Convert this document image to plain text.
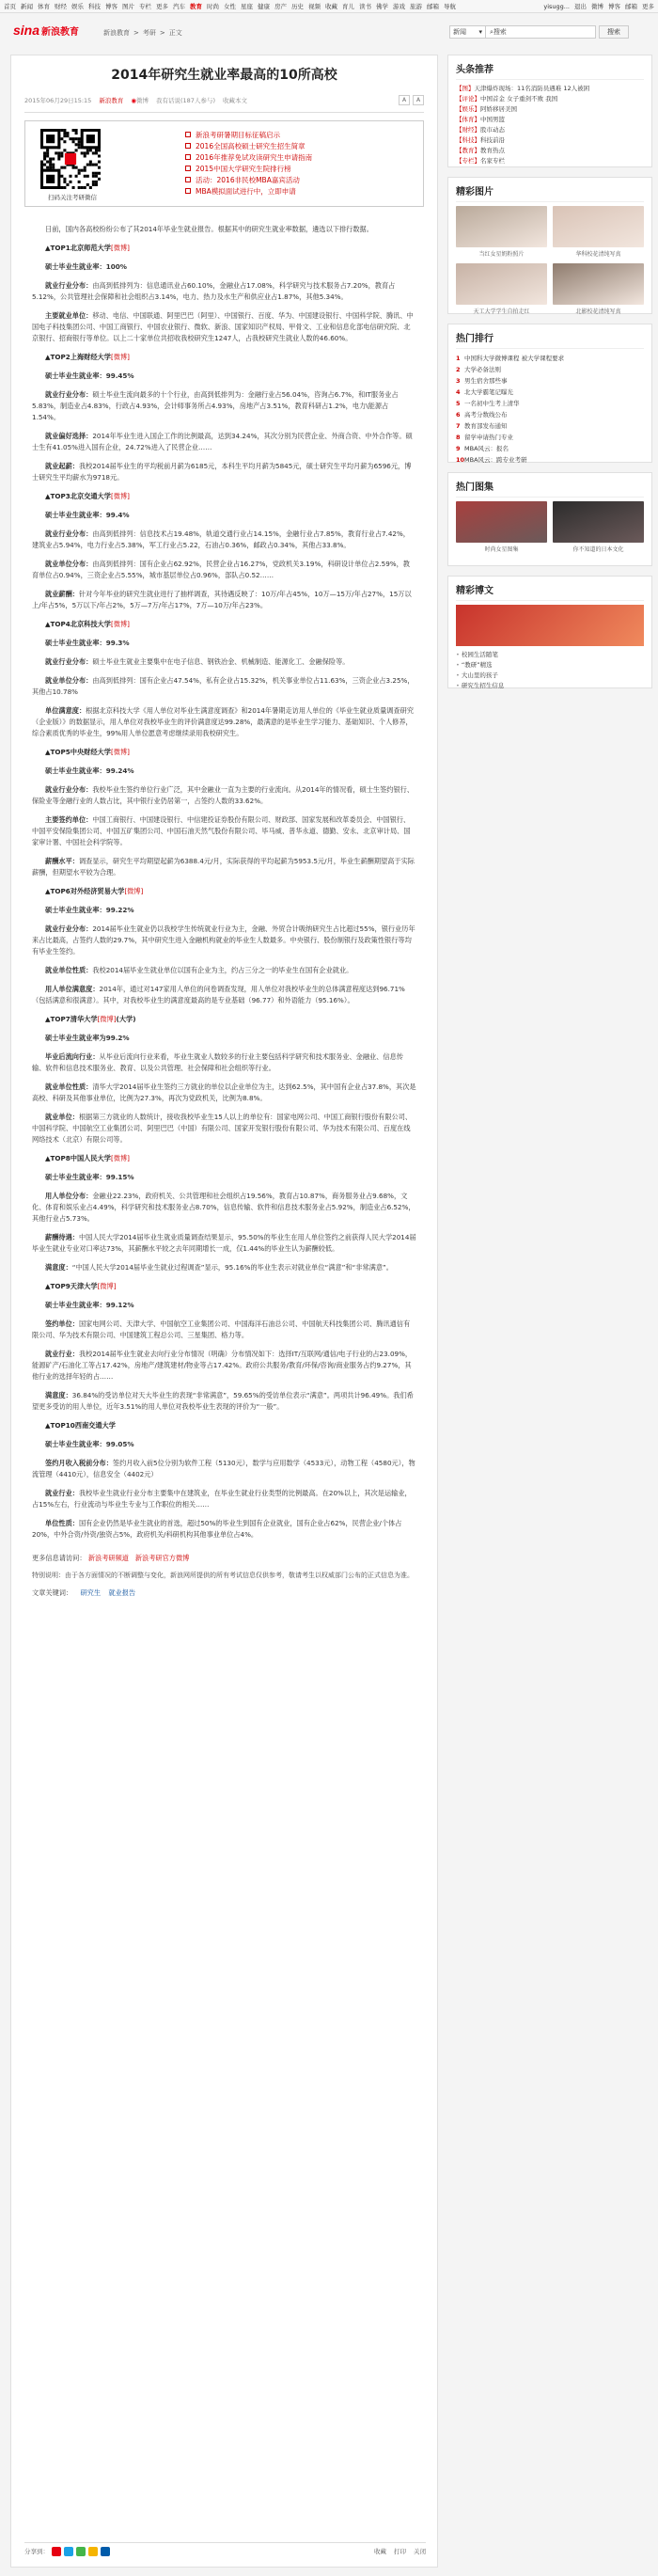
首页 新闻 体育 财经 娱乐 科技 博客 图片 专栏 更多 汽车 教育 时尚 女性 星座 健康 房产 历史 视频 收藏 育儿 读书 佛学 游戏 旅游 邮箱 导航	yisugg... 退出 微博 博客 邮箱 更多
sina 新浪教育	新浪教育 > 考研 > 正文	新闻 ▾ ⌕ 搜索	搜索
2014年研究生就业率最高的10所高校
2015年06月29日15:15 新浪教育 ◉微博 我有话说(187人参与) 收藏本文	A	A
扫码关注考研微信
新浪考研暑期目标征稿启示
2016全国高校硕士研究生招生简章
2016年推荐免试攻读研究生申请指南
2015中国大学研究生院排行榜
活动：2016非民校MBA嘉宾活动
MBA模拟面试进行中，立即申请

日前，国内各高校纷纷公布了其2014年毕业生就业报告。根据其中的研究生就业率数据，遴选以下排行数据。

▲TOP1北京师范大学[微博]

硕士毕业生就业率：100%

就业行业分布：由高到低排列为：信息通讯业占60.10%，金融业占17.08%，科学研究与技术服务占7.20%，教育占5.12%，公共管理社会保障和社会组织占3.14%，电力、热力及水生产和供应业占1.87%，其他5.34%。

主要就业单位：移动、电信、中国联通、阿里巴巴（阿里）、中国银行、百度、华为、中国建设银行、中国科学院、腾讯、中国电子科技集团公司、中国工商银行、中国农业银行、微软、新浪、国家知识产权局、甲骨文、工业和信息化部电信研究院、北京银行、招商银行等单位。以上二十家单位共招收我校研究生1247人，占我校研究生就业人数的46.60%。

▲TOP2上海财经大学[微博]

硕士毕业生就业率：99.45%

就业行业分布：硕士毕业生流向最多的十个行业，由高到低排列为：金融行业占56.04%，咨询占6.7%，和IT服务业占5.83%，制造业占4.83%，行政占4.93%，会计师事务所占4.93%，房地产占3.51%，教育科研占1.2%，电力\能源占1.54%。

就业偏好选择：2014年毕业生进入国企工作的比例最高，达到34.24%，其次分别为民营企业、外商合资、中外合作等。硕士生有41.05%进入国有企业，24.72%进入了民营企业……

就业起薪：我校2014届毕业生的平均税前月薪为6185元，本科生平均月薪为5845元，硕士研究生平均月薪为6596元，博士研究生平均薪水为9718元。

▲TOP3北京交通大学[微博]

硕士毕业生就业率：99.4%

就业行业分布：由高到低排列：信息技术占19.48%，轨道交通行业占14.15%，金融行业占7.85%，教育行业占7.42%，建筑业占5.94%，电力行业占5.38%，军工行业占5.22，石油占0.36%，邮政占0.34%，其他占33.8%。

就业单位分布：由高到低排列：国有企业占62.92%，民营企业占16.27%，党政机关3.19%，科研设计单位占2.59%，教育单位占0.94%，三资企业占5.55%，城市基层单位占0.96%，部队占0.52……

就业薪酬：针对今年毕业的研究生就业进行了抽样调查，其待遇反映了：10万/年占45%，10万—15万/年占27%，15万以上/年占5%，5万以下/年占2%，5万—7万/年占17%，7万—10万/年占23%。

▲TOP4北京科技大学[微博]

硕士毕业生就业率：99.3%

就业行业分布：硕士毕业生就业主要集中在电子信息、钢铁冶金、机械制造、能源化工、金融保险等。

就业单位分布：由高到低排列：国有企业占47.54%，私有企业占15.32%，机关事业单位占11.63%，三资企业占3.25%，其他占10.78%

单位满意度：根据北京科技大学《用人单位对毕业生满意度调查》和2014年暑期走访用人单位的《毕业生就业质量调查研究（企业版）》的数据显示，用人单位对我校毕业生的评价满意度达99.28%，最满意的是毕业生学习能力、基础知识、个人修养，综合素质优秀的毕业生，99%用人单位愿意考虑继续录用我校研究生。

▲TOP5中央财经大学[微博]

硕士毕业生就业率：99.24%

就业行业分布：我校毕业生签约单位行业广泛，其中金融业一直为主要的行业流向。从2014年的情况看，硕士生签约银行、保险业等金融行业的人数占比，其中银行业仍居第一，占签约人数的33.62%。

主要签约单位：中国工商银行、中国建设银行、中信建投证券股份有限公司、财政部、国家发展和改革委员会、中国银行、中国平安保险集团公司、中国五矿集团公司、中国石油天然气股份有限公司、毕马威、普华永道、德勤、安永、北京审计局、国家审计署、中国社会科学院等。

薪酬水平：调查显示，研究生平均期望起薪为6388.4元/月，实际获得的平均起薪为5953.5元/月，毕业生薪酬期望高于实际薪酬，但期望水平较为合理。

▲TOP6对外经济贸易大学[微博]

硕士毕业生就业率：99.22%

就业行业分布：2014届毕业生就业仍以我校学生传统就业行业为主，金融、外贸合计吸纳研究生占比超过55%，银行业历年来占比最高，占签约人数的29.7%，其中研究生进入金融机构就业的毕业生人数最多。中央银行、股份制银行及政策性银行等均有毕业生签约。

就业单位性质：我校2014届毕业生就业单位以国有企业为主，约占三分之一的毕业生在国有企业就业。

用人单位满意度：2014年，通过对147家用人单位的问卷调查发现，用人单位对我校毕业生的总体满意程度达到96.71%（包括满意和很满意）。其中，对我校毕业生的满意度最高的是专业基础（96.77）和外语能力（95.16%）。

▲TOP7清华大学[微博](大学)

硕士毕业生就业率为99.2%

毕业后流向行业：从毕业后流向行业来看，毕业生就业人数较多的行业主要包括科学研究和技术服务业、金融业、信息传输、软件和信息技术服务业、教育、以及公共管理、社会保障和社会组织等行业。

就业单位性质：清华大学2014届毕业生签约三方就业的单位以企业单位为主，达到62.5%，其中国有企业占37.8%，其次是高校、科研及其他事业单位，比例为27.3%，再次为党政机关，比例为8.8%。

就业单位：根据第三方就业的人数统计，接收我校毕业生15人以上的单位有：国家电网公司、中国工商银行股份有限公司、中国科学院、中国航空工业集团公司、阿里巴巴（中国）有限公司、国家开发银行股份有限公司、华为技术有限公司、百度在线网络技术（北京）有限公司等。

▲TOP8中国人民大学[微博]

硕士毕业生就业率：99.15%

用人单位分布：金融业22.23%，政府机关、公共管理和社会组织占19.56%，教育占10.87%，商务服务业占9.68%，文化、体育和娱乐业占4.49%，科学研究和技术服务业占8.70%，信息传输、软件和信息技术服务业占5.92%，制造业占6.52%，其他行业占5.73%。

薪酬待遇：中国人民大学2014届毕业生就业质量调查结果显示，95.50%的毕业生在用人单位签约之前获得人民大学2014届毕业生就业专业对口率达73%，其薪酬水平较之去年同期增长一成，仅1.44%的毕业生认为薪酬较低。

满意度：“中国人民大学2014届毕业生就业过程调查”显示，95.16%的毕业生表示对就业单位“满意”和“非常满意”。

▲TOP9天津大学[微博]

硕士毕业生就业率：99.12%

签约单位：国家电网公司、天津大学、中国航空工业集团公司、中国海洋石油总公司、中国航天科技集团公司、腾讯通信有限公司、华为技术有限公司、中国建筑工程总公司、三星集团、格力等。

就业行业：我校2014届毕业生就业去向行业分布情况（明确）分布情况如下：选择IT/互联网/通信/电子行业的占23.09%，能源矿产/石油化工等占17.42%，房地产/建筑建材/物业等占17.42%。政府公共服务/教育/环保/咨询/商业服务占约9.27%，其他行业的选择年轻的占……

满意度：36.84%的受访单位对天大毕业生的表现“非常满意”，59.65%的受访单位表示“满意”。两项共计96.49%。我们希望更多受访的用人单位，近年3.51%的用人单位对我校毕业生表现的评价为“一般”。

▲TOP10西南交通大学

硕士毕业生就业率：99.05%

签约月收入税前分布：签约月收入前5位分别为软件工程（5130元），数学与应用数学（4533元），动物工程（4580元），物流管理（4410元），信息安全（4402元）

就业行业：我校毕业生就业行业分布主要集中在建筑业，在毕业生就业行业类型的比例最高。在20%以上，其次是运输业，占15%左右，行业流动与毕业生专业与工作职位的相关……

单位性质：国有企业仍然是毕业生就业的首选，超过50%的毕业生到国有企业就业，国有企业占62%，民营企业/个体占20%，中外合资/外资/独资占5%，政府机关/科研机构其他事业单位占4%。

更多信息请访问： 新浪考研频道 新浪考研官方微博
特别说明：由于各方面情况的不断调整与变化，新浪网所提供的所有考试信息仅供参考，敬请考生以权威部门公布的正式信息为准。
文章关键词： 研究生 就业报告
分享到：	收藏 打印 关闭
头条推荐
【图】天津爆炸现场：11名消防员遇难 12人被困
【评论】中国首金 女子重剑不败 我国
【娱乐】阿娇移居美国
【体育】中国男篮
【财经】股市动态
【科技】科技前沿
【教育】教育热点
【专栏】名家专栏
精彩图片
当红女星奶粉照片	华科校花清纯写真
天工大学学生自拍走红	北影校花清纯写真
热门排行
1 中国科大学微博课程 被大学课程要求
2 大学必备法则
3 男生宿舍那些事
4 北大学霸笔记曝光
5 一名初中生考上清华
6 高考分数线公布
7 教育部发布通知
8 留学申请热门专业
9 MBA风云：报名
10MBA风云：跨专业考研
热门图集
时尚女星图集	你不知道的日本文化
精彩博文
• 校园生活随笔
• “教研”精选
• 大山里的孩子
• 研究生招生信息
